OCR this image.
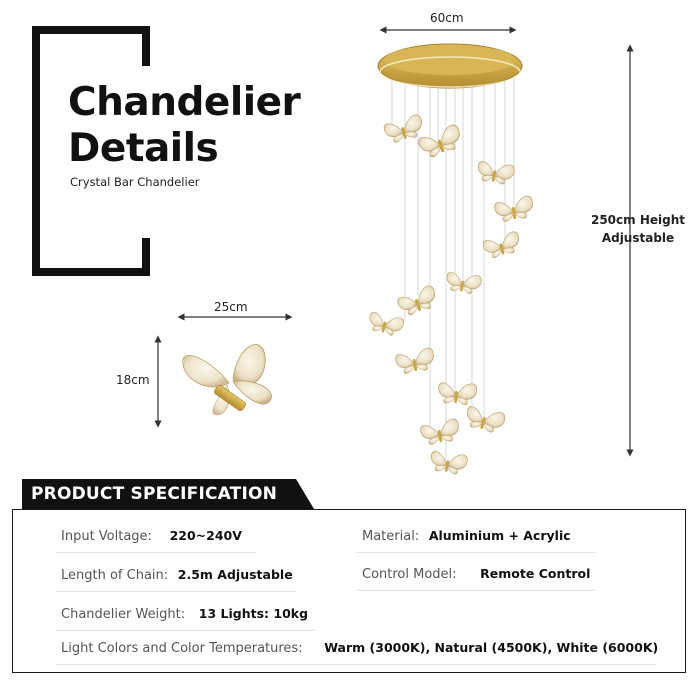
Chandelier
Details
Crystal Bar Chandelier
60cm
250cm Height
Adjustable
25cm
18cm
PRODUCT SPECIFICATION
Input Voltage: 220~240V	Material: Aluminium + Acrylic
Length of Chain: 2.5m Adjustable	Control Model: Remote Control
Chandelier Weight: 13 Lights: 10kg
Light Colors and Color Temperatures: Warm (3000K), Natural (4500K), White (6000K)
